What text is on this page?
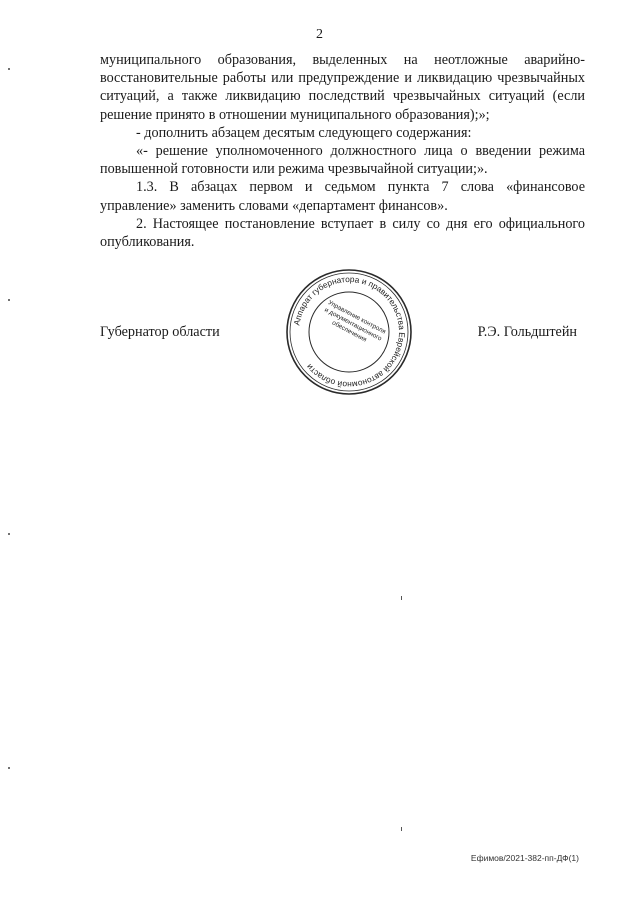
2

муниципального образования, выделенных на неотложные аварийно-восстановительные работы или предупреждение и ликвидацию чрезвычайных ситуаций, а также ликвидацию последствий чрезвычайных ситуаций (если решение принято в отношении муниципального образования);»;

- дополнить абзацем десятым следующего содержания:

«- решение уполномоченного должностного лица о введении режима повышенной готовности или режима чрезвычайной ситуации;».

1.3. В абзацах первом и седьмом пункта 7 слова «финансовое управление» заменить словами «департамент финансов».

2. Настоящее постановление вступает в силу со дня его официального опубликования.

Губернатор области	Р.Э. Гольдштейн
Аппарат губернатора и правительства Еврейской автономной области
Управление контроля и документационного обеспечения
Ефимов/2021-382-пп-ДФ(1)
